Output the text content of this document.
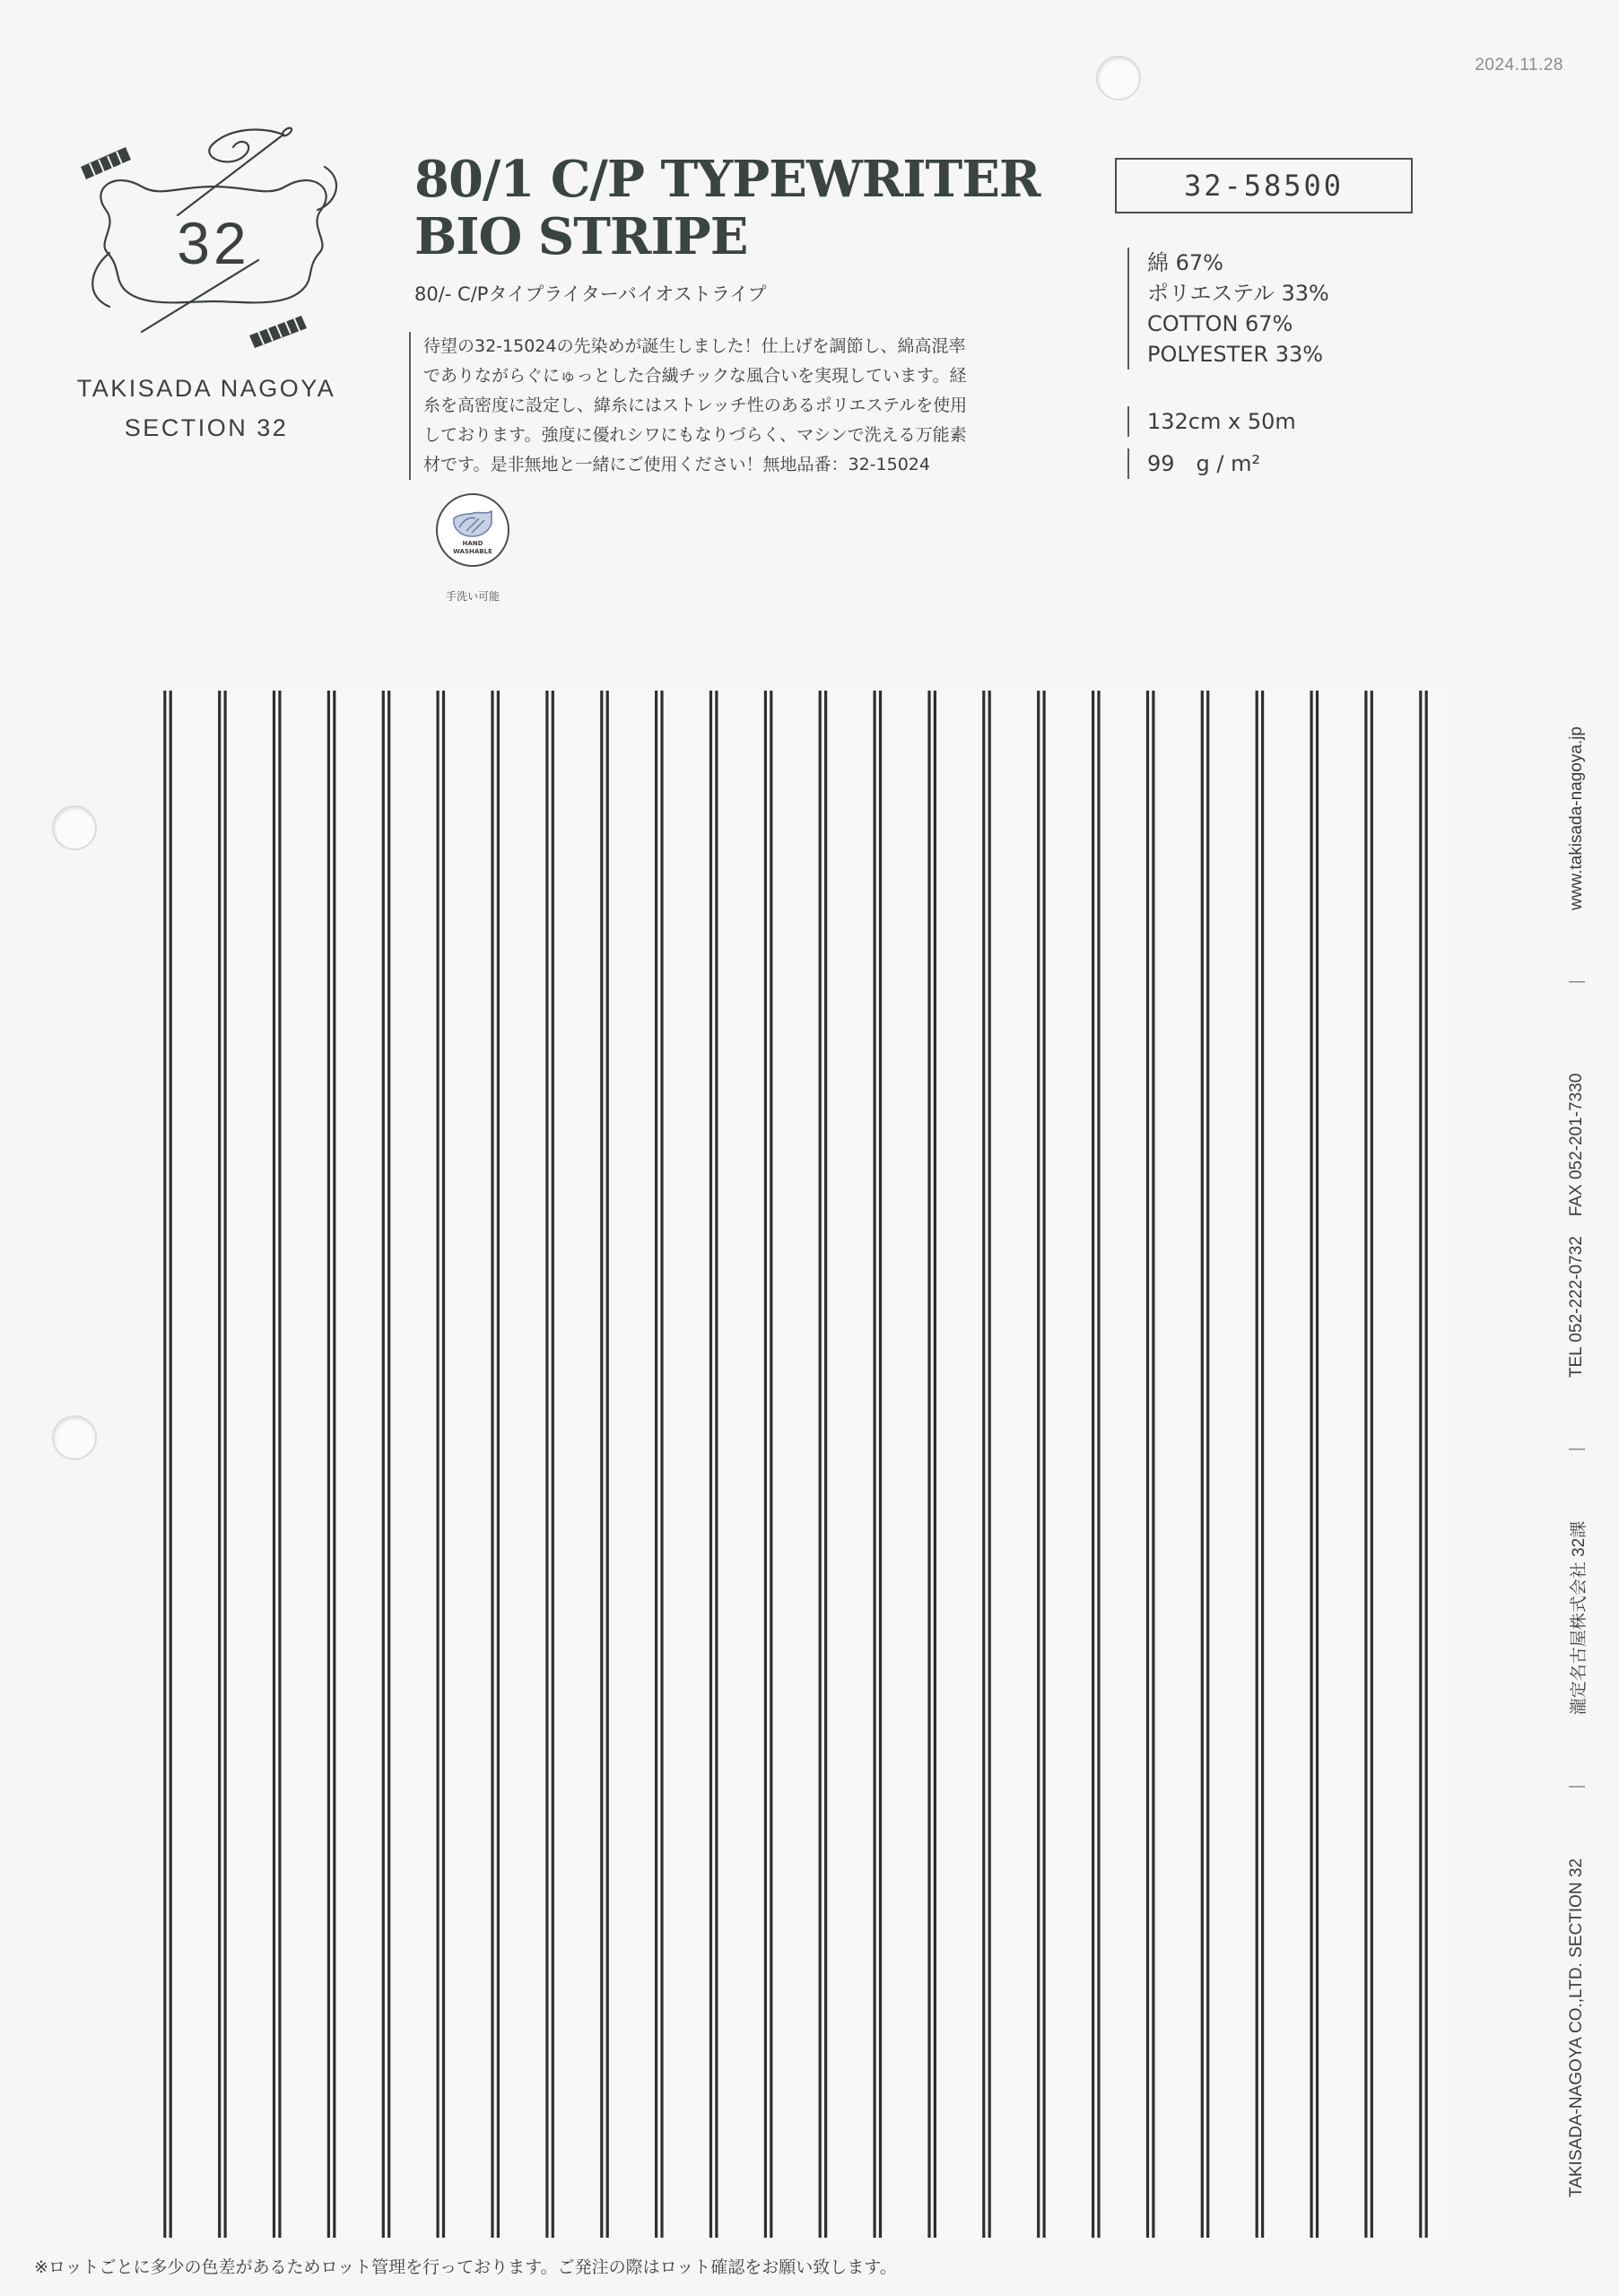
2024.11.28
32
TAKISADA NAGOYA
SECTION 32
80/1 C/P TYPEWRITER
BIO STRIPE
80/- C/Pタイプライターバイオストライプ
待望の32-15024の先染めが誕生しました！仕上げを調節し、綿高混率
でありながらぐにゅっとした合繊チックな風合いを実現しています。経
糸を高密度に設定し、緯糸にはストレッチ性のあるポリエステルを使用
しております。強度に優れシワにもなりづらく、マシンで洗える万能素
材です。是非無地と一緒にご使用ください！無地品番：32-15024
HAND
WASHABLE
手洗い可能
32-58500
綿 67%
ポリエステル 33%
COTTON 67%
POLYESTER 33%
132cm x 50m
99　g / m²
※ロットごとに多少の色差があるためロット管理を行っております。ご発注の際はロット確認をお願い致します。
TAKISADA-NAGOYA CO.,LTD. SECTION 32
|
瀧定名古屋株式会社 32課
|
TEL 052-222-0732FAX 052-201-7330
|
www.takisada-nagoya.jp
